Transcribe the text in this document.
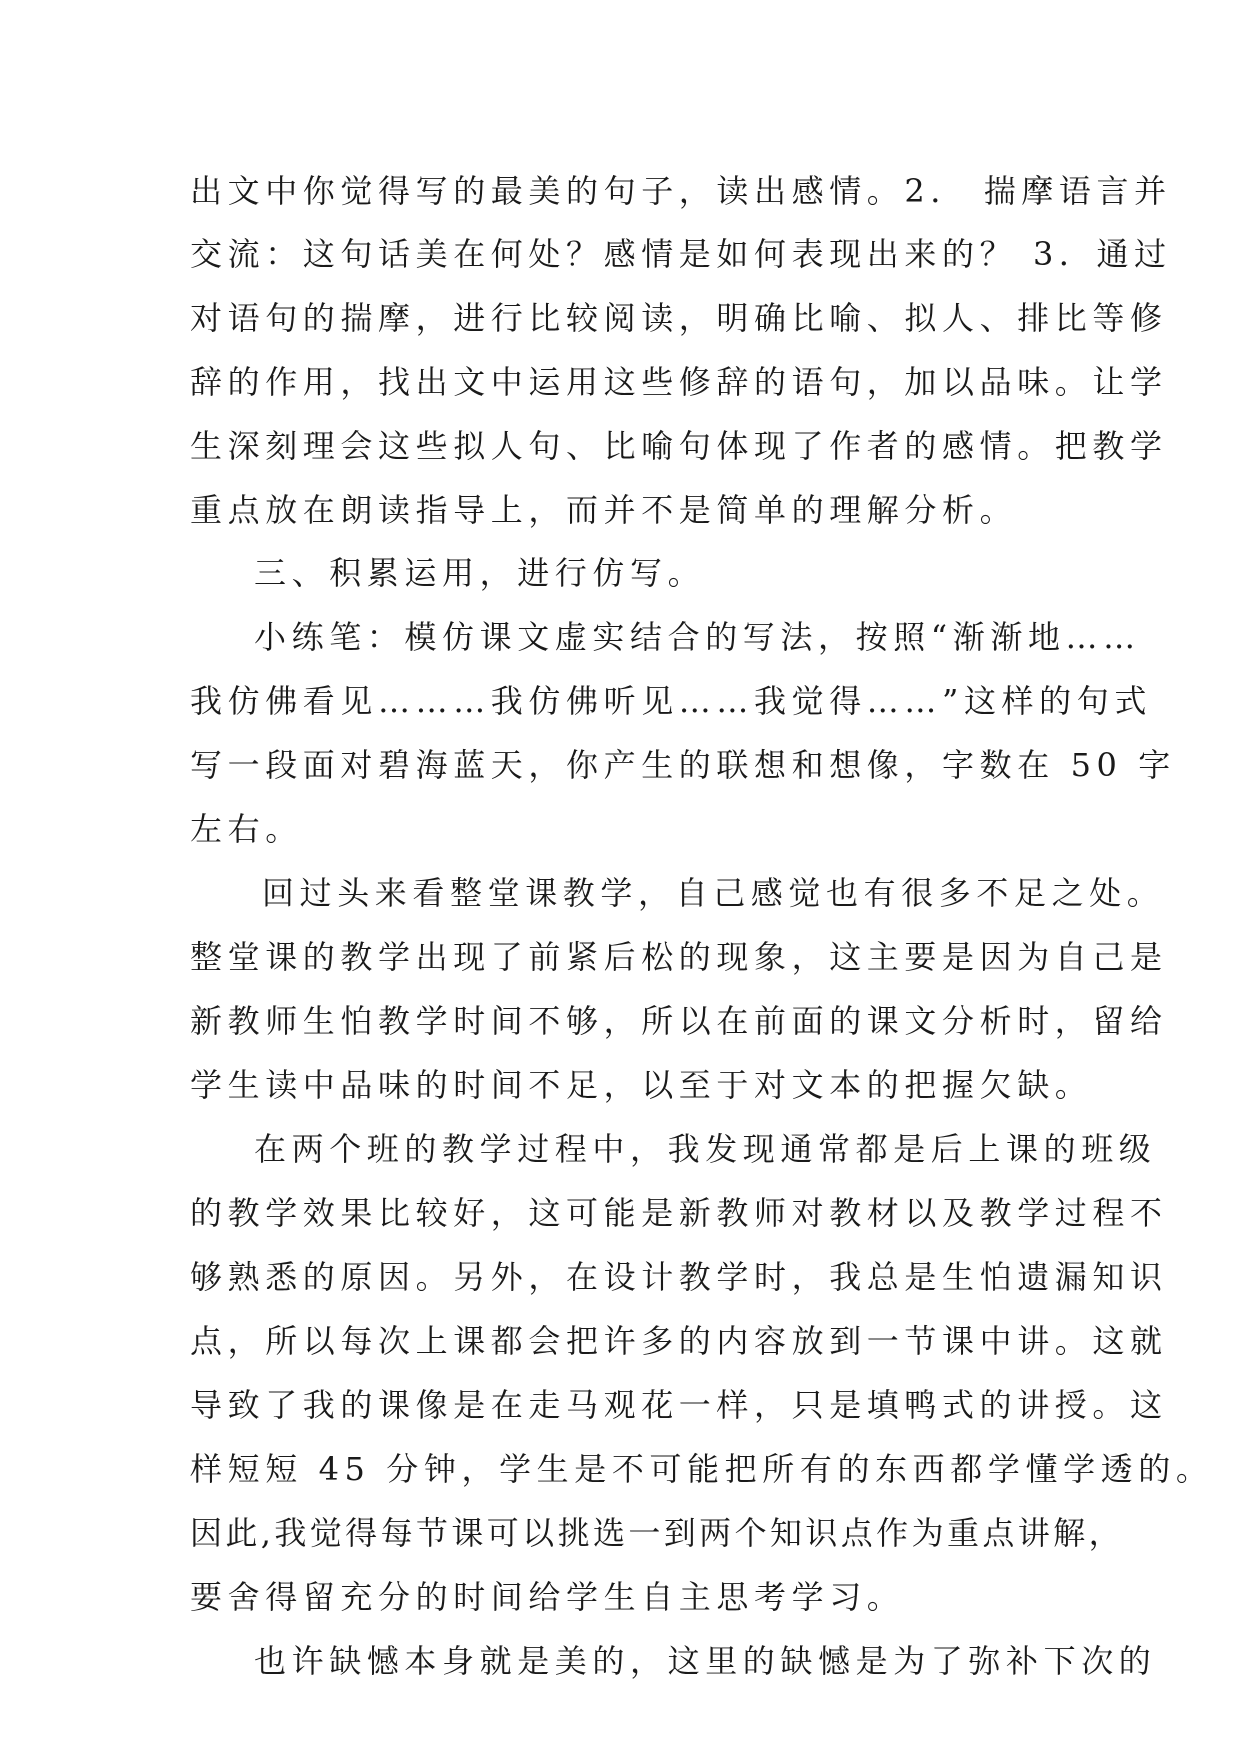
出文中你觉得写的最美的句子，读出感情。2． 揣摩语言并
交流：这句话美在何处？感情是如何表现出来的？ 3．通过
对语句的揣摩，进行比较阅读，明确比喻、拟人、排比等修
辞的作用，找出文中运用这些修辞的语句，加以品味。让学
生深刻理会这些拟人句、比喻句体现了作者的感情。把教学
重点放在朗读指导上，而并不是简单的理解分析。
三、积累运用，进行仿写。
小练笔：模仿课文虚实结合的写法，按照“渐渐地……
我仿佛看见………我仿佛听见……我觉得……”这样的句式
写一段面对碧海蓝天，你产生的联想和想像，字数在 50 字
左右。
回过头来看整堂课教学，自己感觉也有很多不足之处。
整堂课的教学出现了前紧后松的现象，这主要是因为自己是
新教师生怕教学时间不够，所以在前面的课文分析时，留给
学生读中品味的时间不足，以至于对文本的把握欠缺。
在两个班的教学过程中，我发现通常都是后上课的班级
的教学效果比较好，这可能是新教师对教材以及教学过程不
够熟悉的原因。另外，在设计教学时，我总是生怕遗漏知识
点，所以每次上课都会把许多的内容放到一节课中讲。这就
导致了我的课像是在走马观花一样，只是填鸭式的讲授。这
样短短 45 分钟，学生是不可能把所有的东西都学懂学透的。
因此,我觉得每节课可以挑选一到两个知识点作为重点讲解，
要舍得留充分的时间给学生自主思考学习。
也许缺憾本身就是美的，这里的缺憾是为了弥补下次的
